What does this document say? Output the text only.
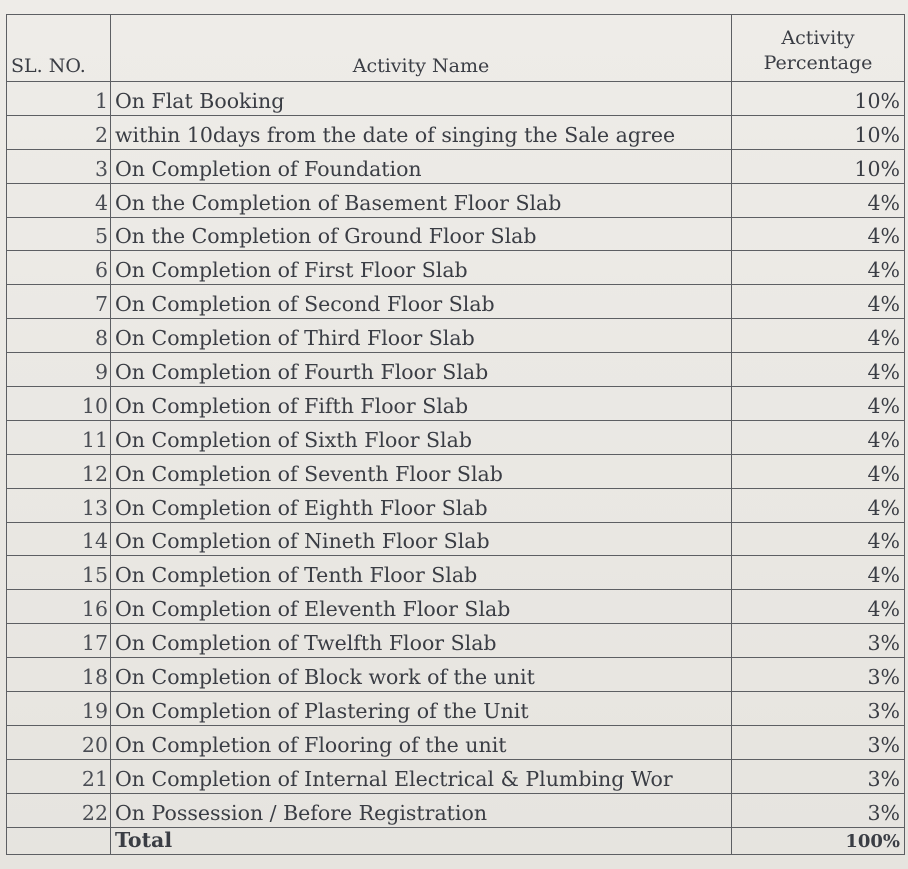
SL. NO.	Activity Name	Activity
Percentage
1	On Flat Booking	10%
2	within 10days from the date of singing the Sale agree	10%
3	On Completion of Foundation	10%
4	On the Completion of Basement Floor Slab	4%
5	On the Completion of Ground Floor Slab	4%
6	On Completion of First Floor Slab	4%
7	On Completion of Second Floor Slab	4%
8	On Completion of Third Floor Slab	4%
9	On Completion of Fourth Floor Slab	4%
10	On Completion of Fifth Floor Slab	4%
11	On Completion of Sixth Floor Slab	4%
12	On Completion of Seventh Floor Slab	4%
13	On Completion of Eighth Floor Slab	4%
14	On Completion of Nineth Floor Slab	4%
15	On Completion of Tenth Floor Slab	4%
16	On Completion of Eleventh Floor Slab	4%
17	On Completion of Twelfth Floor Slab	3%
18	On Completion of Block work of the unit	3%
19	On Completion of Plastering of the Unit	3%
20	On Completion of Flooring of the unit	3%
21	On Completion of Internal Electrical & Plumbing Wor	3%
22	On Possession / Before Registration	3%
	Total	100%
